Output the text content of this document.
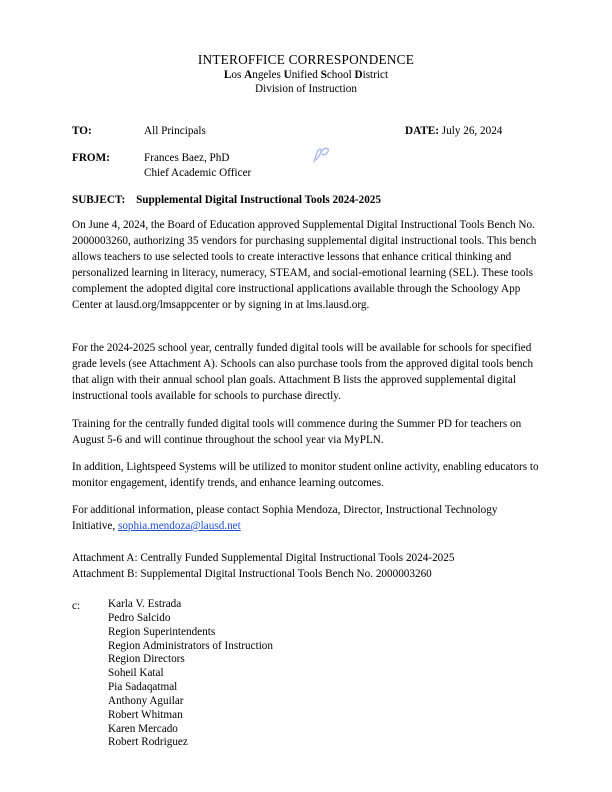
INTEROFFICE CORRESPONDENCE
Los Angeles Unified School District
Division of Instruction
TO:	All Principals	DATE: July 26, 2024
FROM:	Frances Baez, PhD
Chief Academic Officer
SUBJECT: Supplemental Digital Instructional Tools 2024-2025

On June 4, 2024, the Board of Education approved Supplemental Digital Instructional Tools Bench No. 2000003260, authorizing 35 vendors for purchasing supplemental digital instructional tools. This bench allows teachers to use selected tools to create interactive lessons that enhance critical thinking and personalized learning in literacy, numeracy, STEAM, and social-emotional learning (SEL). These tools complement the adopted digital core instructional applications available through the Schoology App Center at lausd.org/lmsappcenter or by signing in at lms.lausd.org.

For the 2024-2025 school year, centrally funded digital tools will be available for schools for specified grade levels (see Attachment A). Schools can also purchase tools from the approved digital tools bench that align with their annual school plan goals. Attachment B lists the approved supplemental digital instructional tools available for schools to purchase directly.

Training for the centrally funded digital tools will commence during the Summer PD for teachers on August 5-6 and will continue throughout the school year via MyPLN.

In addition, Lightspeed Systems will be utilized to monitor student online activity, enabling educators to monitor engagement, identify trends, and enhance learning outcomes.

For additional information, please contact Sophia Mendoza, Director, Instructional Technology Initiative, sophia.mendoza@lausd.net

Attachment A: Centrally Funded Supplemental Digital Instructional Tools 2024-2025
Attachment B: Supplemental Digital Instructional Tools Bench No. 2000003260
c: Karla V. Estrada
Pedro Salcido
Region Superintendents
Region Administrators of Instruction
Region Directors
Soheil Katal
Pia Sadaqatmal
Anthony Aguilar
Robert Whitman
Karen Mercado
Robert Rodriguez
